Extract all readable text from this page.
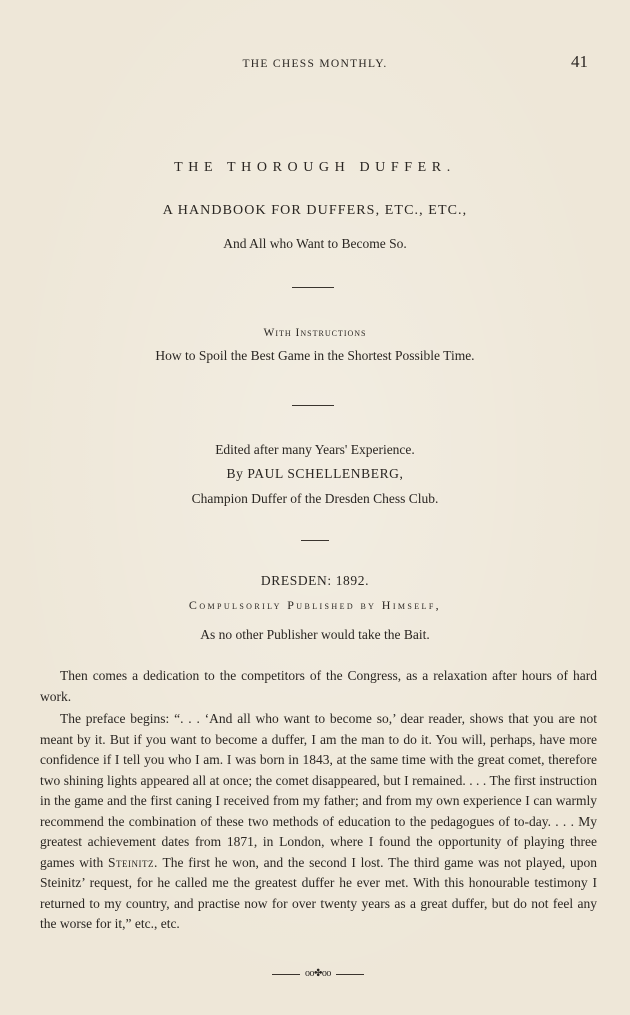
THE CHESS MONTHLY.	41
THE THOROUGH DUFFER.
A HANDBOOK FOR DUFFERS, ETC., ETC.,
And All who Want to Become So.
With Instructions
How to Spoil the Best Game in the Shortest Possible Time.
Edited after many Years' Experience.
By PAUL SCHELLENBERG,
Champion Duffer of the Dresden Chess Club.
DRESDEN: 1892.
Compulsorily Published by Himself,
As no other Publisher would take the Bait.

Then comes a dedication to the competitors of the Congress, as a relaxation after hours of hard work.

The preface begins: “. . . ‘And all who want to become so,’ dear reader, shows that you are not meant by it. But if you want to become a duffer, I am the man to do it. You will, perhaps, have more confidence if I tell you who I am. I was born in 1843, at the same time with the great comet, therefore two shining lights appeared all at once; the comet disappeared, but I remained. . . . The first instruction in the game and the first caning I received from my father; and from my own experience I can warmly recommend the combination of these two methods of education to the pedagogues of to-day. . . . My greatest achievement dates from 1871, in London, where I found the opportunity of playing three games with Steinitz. The first he won, and the second I lost. The third game was not played, upon Steinitz’ request, for he called me the greatest duffer he ever met. With this honourable testimony I returned to my country, and practise now for over twenty years as a great duffer, but do not feel any the worse for it,” etc., etc.

oo✤oo
